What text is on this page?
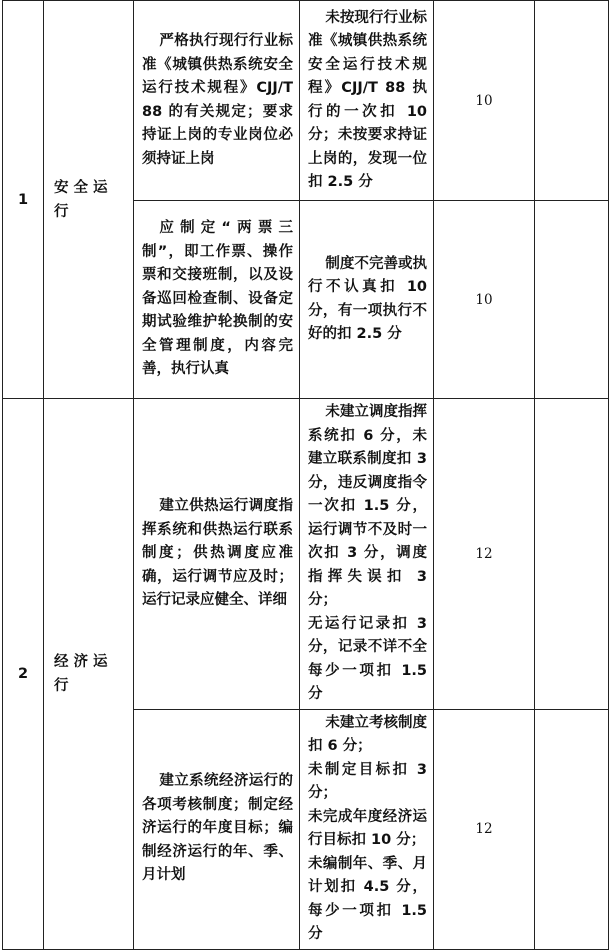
1	安全运行	严格执行现行行业标准《城镇供热系统安全运行技术规程》CJJ/T 88 的有关规定；要求持证上岗的专业岗位必须持证上岗	未按现行行业标准《城镇供热系统安全运行技术规程》CJJ/T 88 执行的一次扣 10 分；未按要求持证上岗的，发现一位扣 2.5 分	10	

		应制定“两票三制”，即工作票、操作票和交接班制，以及设备巡回检查制、设备定期试验维护轮换制的安全管理制度，内容完善，执行认真	制度不完善或执行不认真扣 10 分，有一项执行不好的扣 2.5 分	10	
2	经济运行	建立供热运行调度指挥系统和供热运行联系制度；供热调度应准确，运行调节应及时；运行记录应健全、详细	未建立调度指挥系统扣 6 分，未建立联系制度扣 3 分，违反调度指令一次扣 1.5 分，运行调节不及时一次扣 3 分，调度指挥失误扣 3 分；
无运行记录扣 3 分，记录不详不全每少一项扣 1.5 分	12	

		建立系统经济运行的各项考核制度；制定经济运行的年度目标；编制经济运行的年、季、月计划	未建立考核制度扣 6 分；
未制定目标扣 3 分；
未完成年度经济运行目标扣 10 分；
未编制年、季、月计划扣 4.5 分，每少一项扣 1.5 分	12	
